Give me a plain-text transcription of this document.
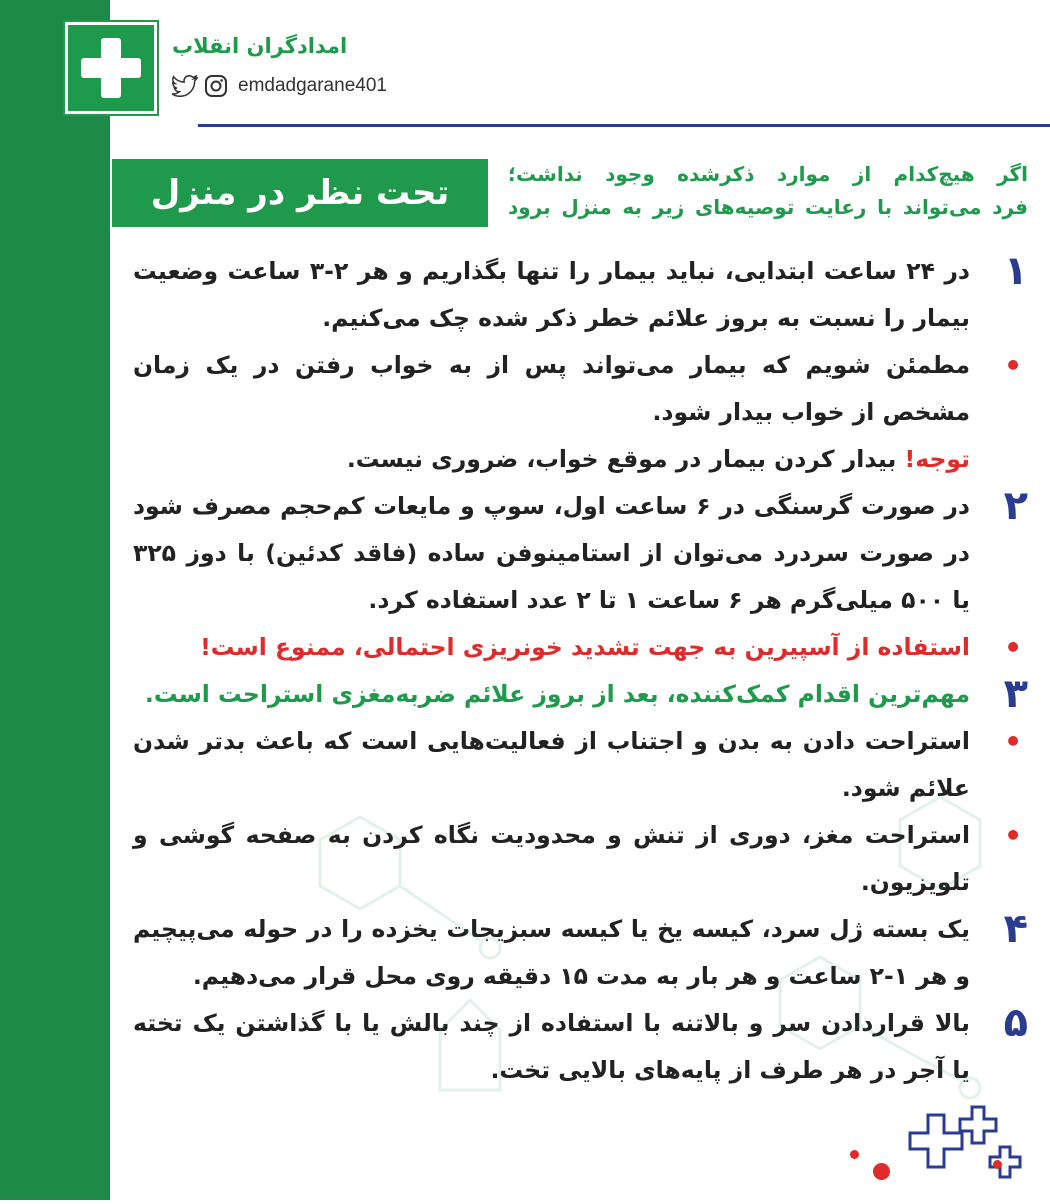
امدادگران انقلاب
emdadgarane401
تحت نظر در منزل	اگر هیچ‌کدام از موارد ذکرشده وجود نداشت؛
فرد می‌تواند با رعایت توصیه‌های زیر به منزل برود
۱
در ۲۴ ساعت ابتدایی، نباید بیمار را تنها بگذاریم و هر ۲-۳ ساعت وضعیت بیمار را نسبت به بروز علائم خطر ذکر شده چک می‌کنیم.
•
مطمئن شویم که بیمار می‌تواند پس از به خواب رفتن در یک زمان مشخص از خواب بیدار شود.
توجه! بیدار کردن بیمار در موقع خواب، ضروری نیست.
۲
در صورت گرسنگی در ۶ ساعت اول، سوپ و مایعات کم‌حجم مصرف شود در صورت سردرد می‌توان از استامینوفن ساده (فاقد کدئین) با دوز ۳۲۵ یا ۵۰۰ میلی‌گرم هر ۶ ساعت ۱ تا ۲ عدد استفاده کرد.
•
استفاده از آسپیرین به جهت تشدید خونریزی احتمالی، ممنوع است!
۳
مهم‌ترین اقدام کمک‌کننده، بعد از بروز علائم ضربه‌مغزی استراحت است.
•
استراحت دادن به بدن و اجتناب از فعالیت‌هایی است که باعث بدتر شدن علائم شود.
•
استراحت مغز، دوری از تنش و محدودیت نگاه کردن به صفحه گوشی و تلویزیون.
۴
یک بسته ژل سرد، کیسه یخ یا کیسه سبزیجات یخزده را در حوله می‌پیچیم و هر ۱-۲ ساعت و هر بار به مدت ۱۵ دقیقه روی محل قرار می‌دهیم.
۵
بالا قراردادن سر و بالاتنه با استفاده از چند بالش یا با گذاشتن یک تخته یا آجر در هر طرف از پایه‌های بالایی تخت.
